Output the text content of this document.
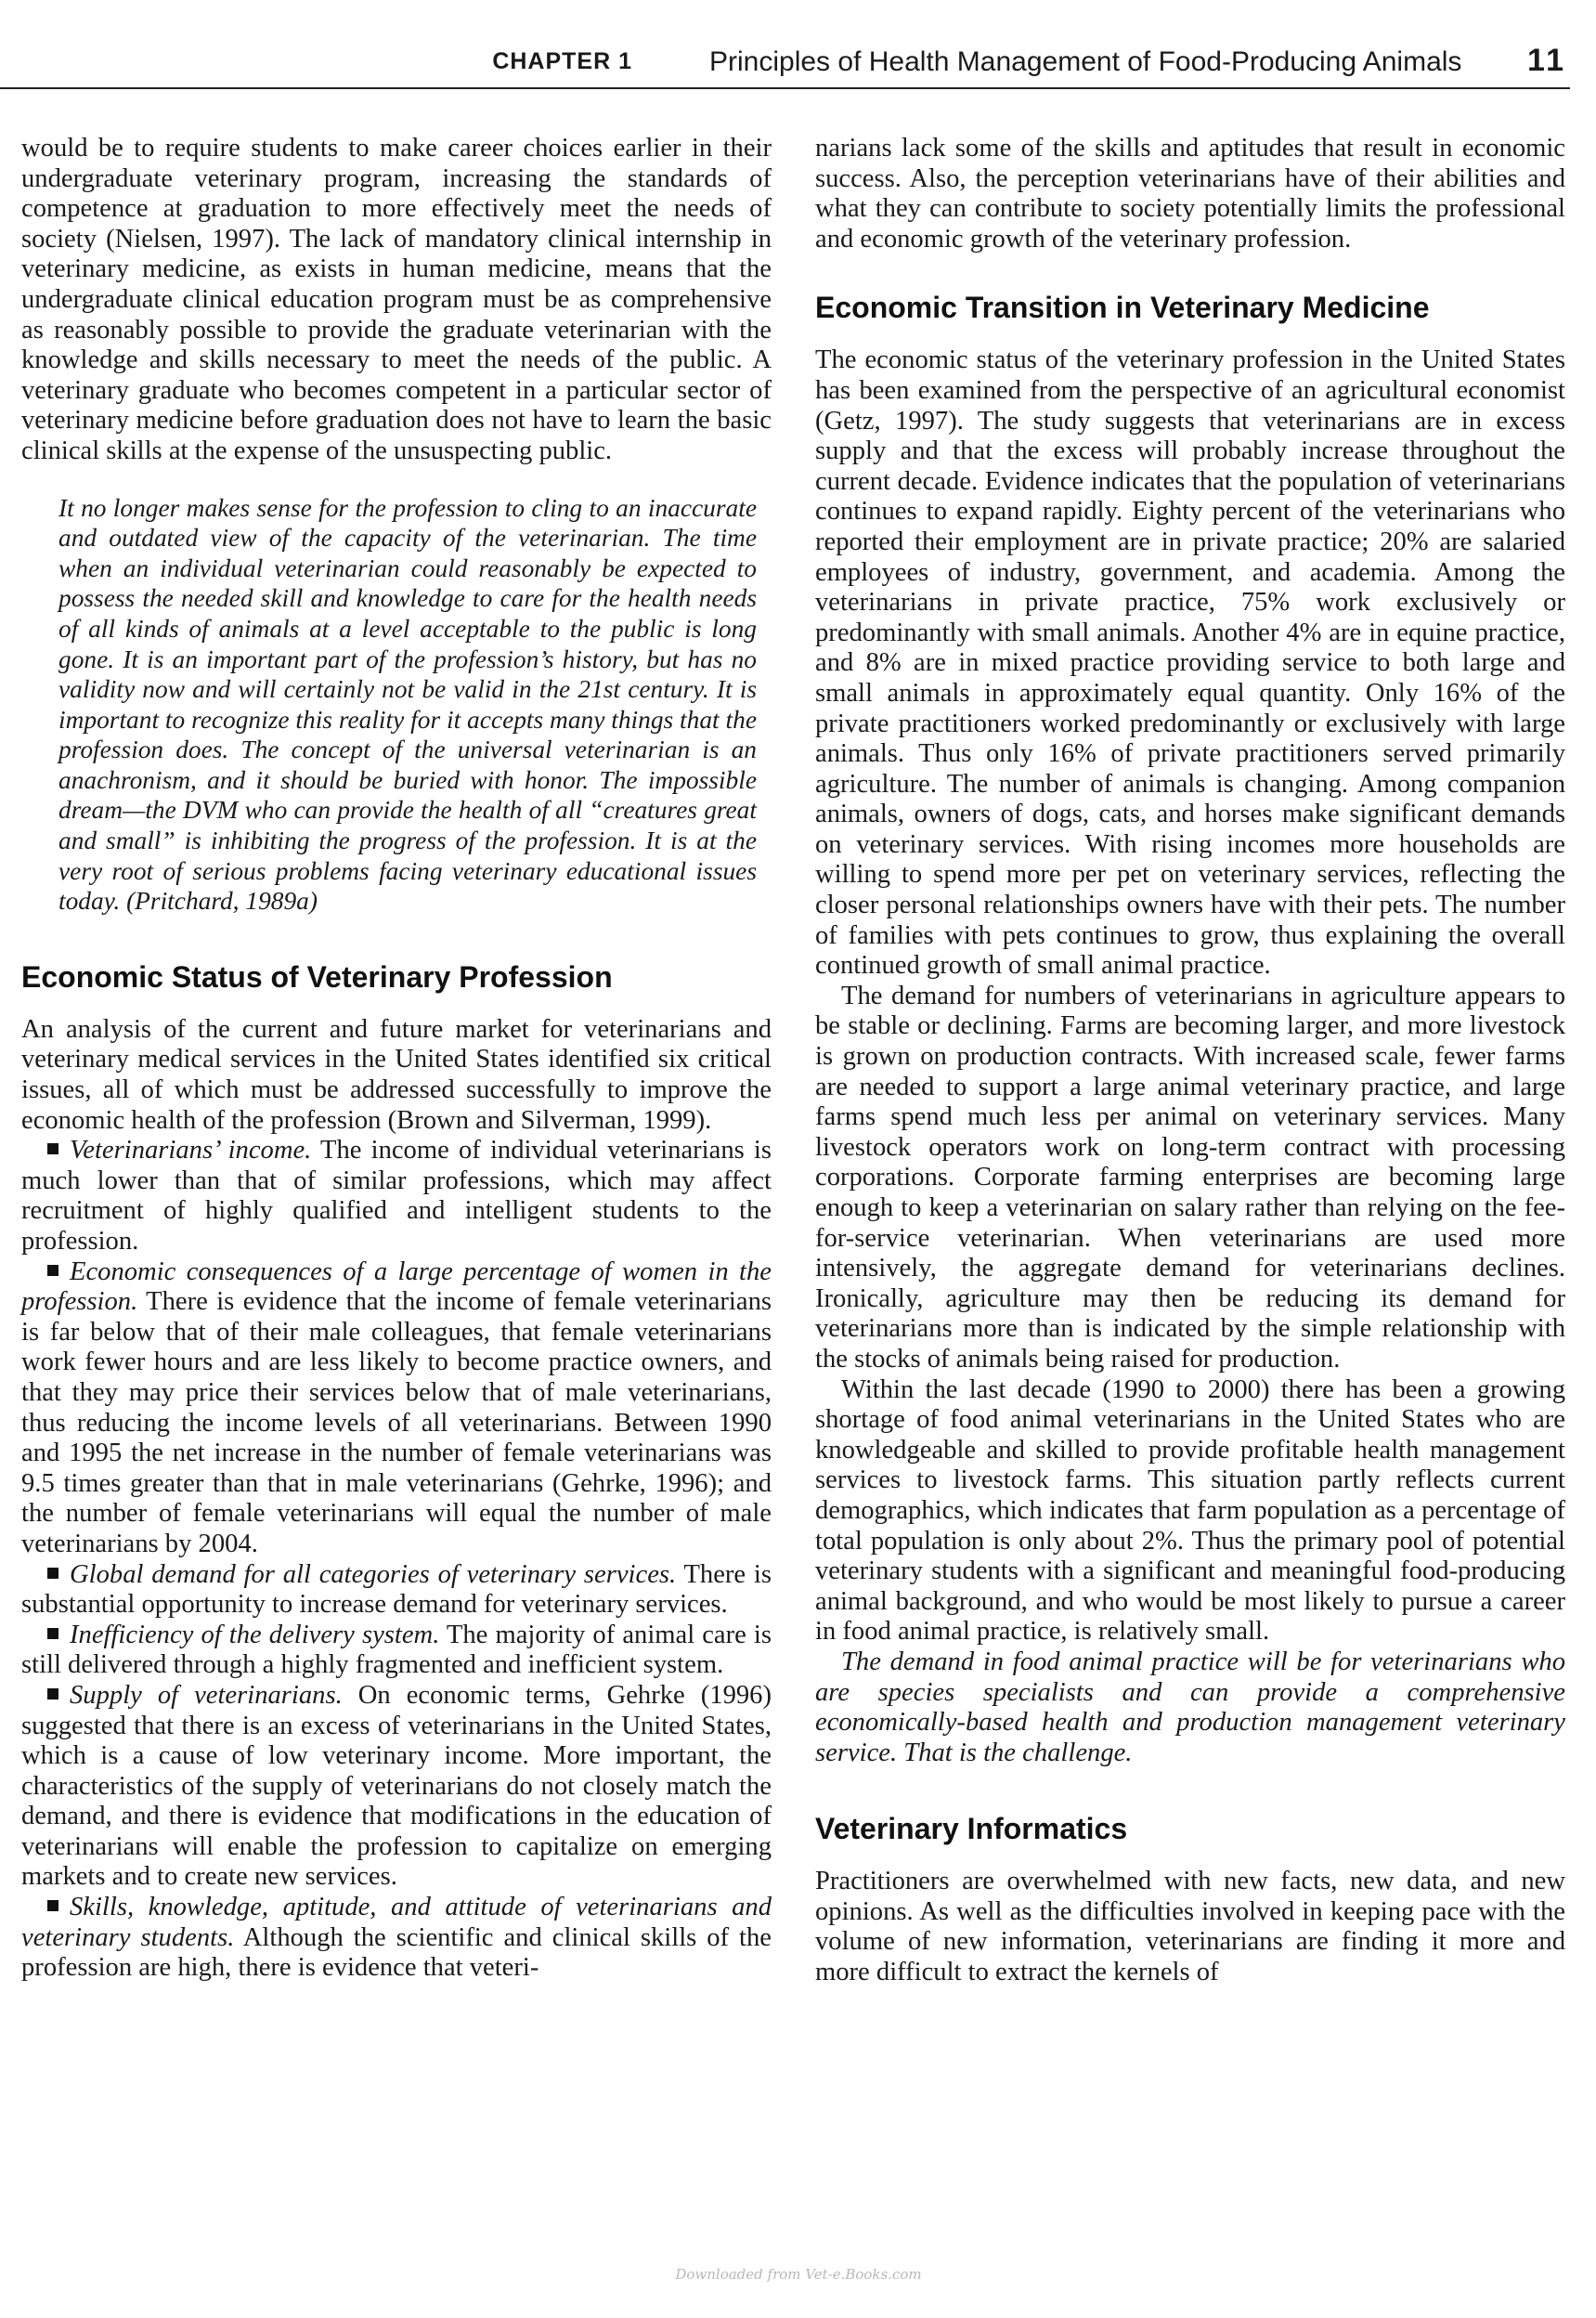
CHAPTER 1	Principles of Health Management of Food-Producing Animals 11

would be to require students to make career choices earlier in their undergraduate veterinary program, increasing the standards of competence at graduation to more effectively meet the needs of society (Nielsen, 1997). The lack of mandatory clinical internship in veterinary medicine, as exists in human medicine, means that the undergraduate clinical education program must be as comprehensive as reasonably possible to provide the graduate veterinarian with the knowledge and skills necessary to meet the needs of the public. A veterinary graduate who becomes competent in a particular sector of veterinary medicine before graduation does not have to learn the basic clinical skills at the expense of the unsuspecting public.

It no longer makes sense for the profession to cling to an inaccurate and outdated view of the capacity of the veterinarian. The time when an individual veterinarian could reasonably be expected to possess the needed skill and knowledge to care for the health needs of all kinds of animals at a level acceptable to the public is long gone. It is an important part of the profession’s history, but has no validity now and will certainly not be valid in the 21st century. It is important to recognize this reality for it accepts many things that the profession does. The concept of the universal veterinarian is an anachronism, and it should be buried with honor. The impossible dream—the DVM who can provide the health of all “creatures great and small” is inhibiting the progress of the profession. It is at the very root of serious problems facing veterinary educational issues today. (Pritchard, 1989a)

Economic Status of Veterinary Profession

An analysis of the current and future market for veterinarians and veterinary medical services in the United States identified six critical issues, all of which must be addressed successfully to improve the economic health of the profession (Brown and Silverman, 1999).

Veterinarians’ income. The income of individual veterinarians is much lower than that of similar professions, which may affect recruitment of highly qualified and intelligent students to the profession.

Economic consequences of a large percentage of women in the profession. There is evidence that the income of female veterinarians is far below that of their male colleagues, that female veterinarians work fewer hours and are less likely to become practice owners, and that they may price their services below that of male veterinarians, thus reducing the income levels of all veterinarians. Between 1990 and 1995 the net increase in the number of female veterinarians was 9.5 times greater than that in male veterinarians (Gehrke, 1996); and the number of female veterinarians will equal the number of male veterinarians by 2004.

Global demand for all categories of veterinary services. There is substantial opportunity to increase demand for veterinary services.

Inefficiency of the delivery system. The majority of animal care is still delivered through a highly fragmented and inefficient system.

Supply of veterinarians. On economic terms, Gehrke (1996) suggested that there is an excess of veterinarians in the United States, which is a cause of low veterinary income. More important, the characteristics of the supply of veterinarians do not closely match the demand, and there is evidence that modifications in the education of veterinarians will enable the profession to capitalize on emerging markets and to create new services.

Skills, knowledge, aptitude, and attitude of veterinarians and veterinary students. Although the scientific and clinical skills of the profession are high, there is evidence that veteri-

narians lack some of the skills and aptitudes that result in economic success. Also, the perception veterinarians have of their abilities and what they can contribute to society potentially limits the professional and economic growth of the veterinary profession.

Economic Transition in Veterinary Medicine

The economic status of the veterinary profession in the United States has been examined from the perspective of an agricultural economist (Getz, 1997). The study suggests that veterinarians are in excess supply and that the excess will probably increase throughout the current decade. Evidence indicates that the population of veterinarians continues to expand rapidly. Eighty percent of the veterinarians who reported their employment are in private practice; 20% are salaried employees of industry, government, and academia. Among the veterinarians in private practice, 75% work exclusively or predominantly with small animals. Another 4% are in equine practice, and 8% are in mixed practice providing service to both large and small animals in approximately equal quantity. Only 16% of the private practitioners worked predominantly or exclusively with large animals. Thus only 16% of private practitioners served primarily agriculture. The number of animals is changing. Among companion animals, owners of dogs, cats, and horses make significant demands on veterinary services. With rising incomes more households are willing to spend more per pet on veterinary services, reflecting the closer personal relationships owners have with their pets. The number of families with pets continues to grow, thus explaining the overall continued growth of small animal practice.

The demand for numbers of veterinarians in agriculture appears to be stable or declining. Farms are becoming larger, and more livestock is grown on production contracts. With increased scale, fewer farms are needed to support a large animal veterinary practice, and large farms spend much less per animal on veterinary services. Many livestock operators work on long-term contract with processing corporations. Corporate farming enterprises are becoming large enough to keep a veterinarian on salary rather than relying on the fee-for-service veterinarian. When veterinarians are used more intensively, the aggregate demand for veterinarians declines. Ironically, agriculture may then be reducing its demand for veterinarians more than is indicated by the simple relationship with the stocks of animals being raised for production.

Within the last decade (1990 to 2000) there has been a growing shortage of food animal veterinarians in the United States who are knowledgeable and skilled to provide profitable health management services to livestock farms. This situation partly reflects current demographics, which indicates that farm population as a percentage of total population is only about 2%. Thus the primary pool of potential veterinary students with a significant and meaningful food-producing animal background, and who would be most likely to pursue a career in food animal practice, is relatively small.

The demand in food animal practice will be for veterinarians who are species specialists and can provide a comprehensive economically-based health and production management veterinary service. That is the challenge.

Veterinary Informatics

Practitioners are overwhelmed with new facts, new data, and new opinions. As well as the difficulties involved in keeping pace with the volume of new information, veterinarians are finding it more and more difficult to extract the kernels of

Downloaded from Vet-e.Books.com
